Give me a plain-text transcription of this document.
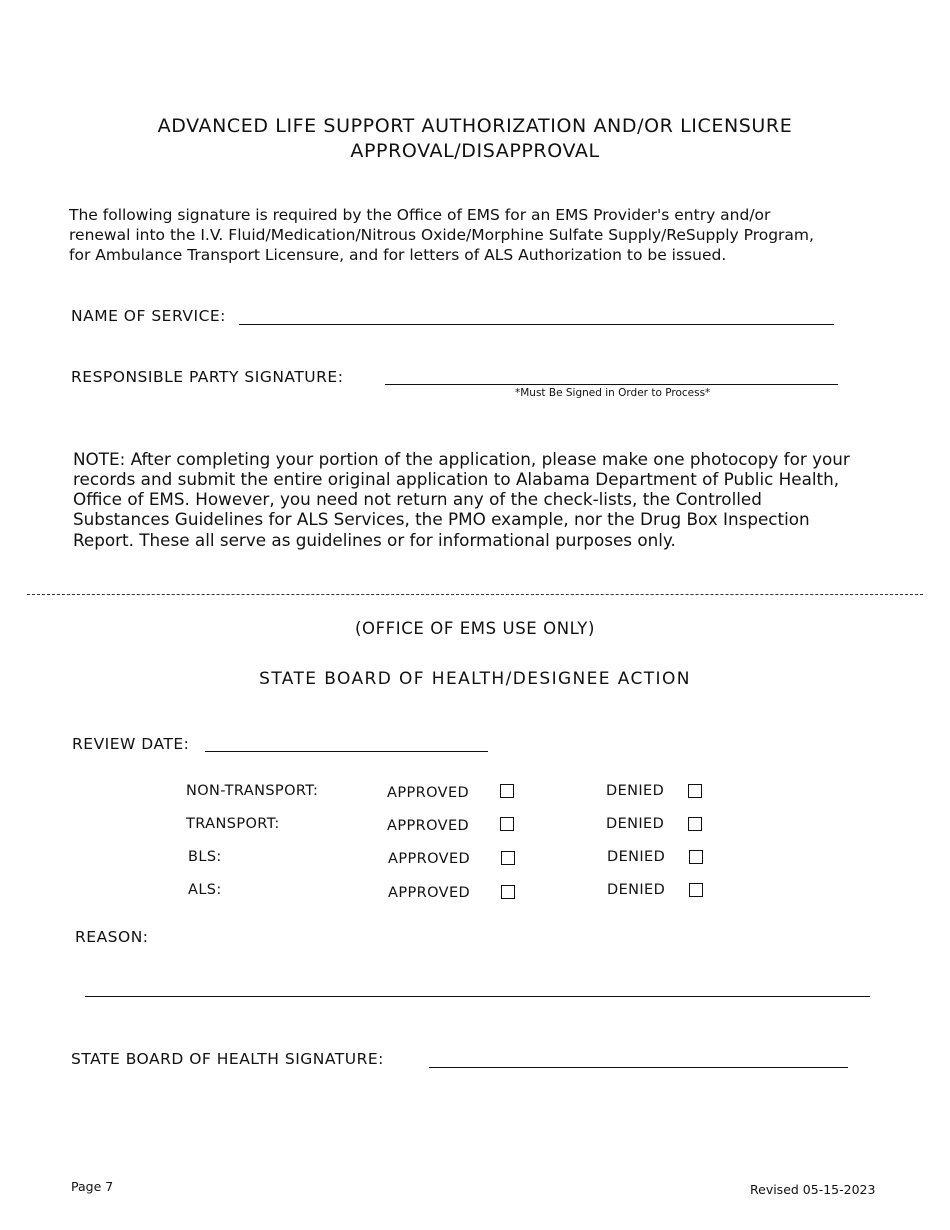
ADVANCED LIFE SUPPORT AUTHORIZATION AND/OR LICENSURE
APPROVAL/DISAPPROVAL
The following signature is required by the Office of EMS for an EMS Provider's entry and/or
renewal into the I.V. Fluid/Medication/Nitrous Oxide/Morphine Sulfate Supply/ReSupply Program,
for Ambulance Transport Licensure, and for letters of ALS Authorization to be issued.
NAME OF SERVICE:
RESPONSIBLE PARTY SIGNATURE:
*Must Be Signed in Order to Process*
NOTE: After completing your portion of the application, please make one photocopy for your
records and submit the entire original application to Alabama Department of Public Health,
Office of EMS. However, you need not return any of the check-lists, the Controlled
Substances Guidelines for ALS Services, the PMO example, nor the Drug Box Inspection
Report. These all serve as guidelines or for informational purposes only.
(OFFICE OF EMS USE ONLY)
STATE BOARD OF HEALTH/DESIGNEE ACTION
REVIEW DATE:
NON-TRANSPORT:	APPROVED	DENIED
TRANSPORT:	APPROVED	DENIED
BLS:	APPROVED	DENIED
ALS:	APPROVED	DENIED
REASON:
STATE BOARD OF HEALTH SIGNATURE:
Page 7	Revised 05-15-2023
